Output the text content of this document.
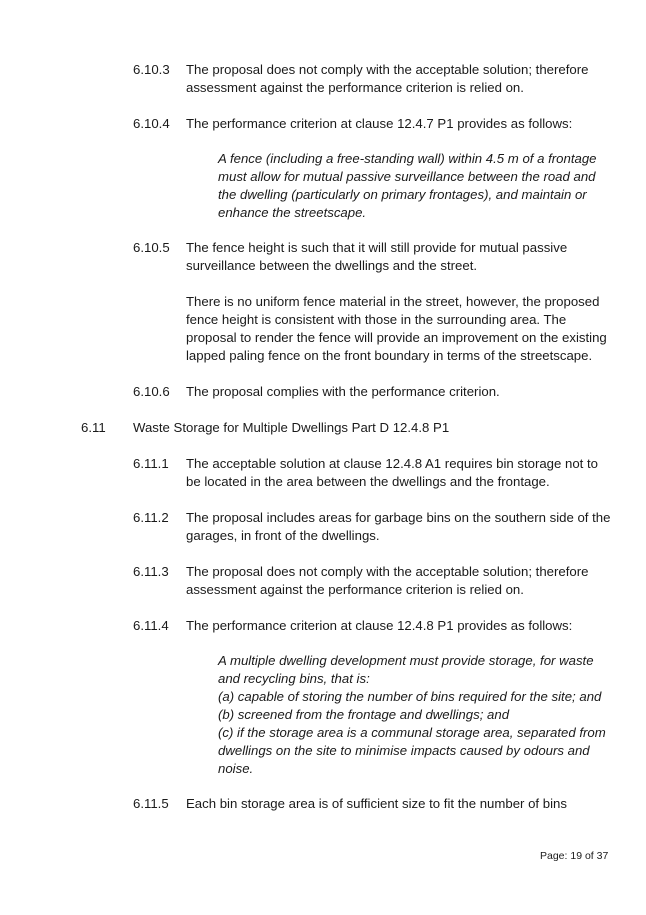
6.10.3 The proposal does not comply with the acceptable solution; therefore
assessment against the performance criterion is relied on.
6.10.4 The performance criterion at clause 12.4.7 P1 provides as follows:
A fence (including a free-standing wall) within 4.5 m of a frontage
must allow for mutual passive surveillance between the road and
the dwelling (particularly on primary frontages), and maintain or
enhance the streetscape.
6.10.5 The fence height is such that it will still provide for mutual passive
surveillance between the dwellings and the street.
There is no uniform fence material in the street, however, the proposed
fence height is consistent with those in the surrounding area. The
proposal to render the fence will provide an improvement on the existing
lapped paling fence on the front boundary in terms of the streetscape.
6.10.6 The proposal complies with the performance criterion.
6.11 Waste Storage for Multiple Dwellings Part D 12.4.8 P1
6.11.1 The acceptable solution at clause 12.4.8 A1 requires bin storage not to
be located in the area between the dwellings and the frontage.
6.11.2 The proposal includes areas for garbage bins on the southern side of the
garages, in front of the dwellings.
6.11.3 The proposal does not comply with the acceptable solution; therefore
assessment against the performance criterion is relied on.
6.11.4 The performance criterion at clause 12.4.8 P1 provides as follows:
A multiple dwelling development must provide storage, for waste
and recycling bins, that is:
(a) capable of storing the number of bins required for the site; and
(b) screened from the frontage and dwellings; and
(c) if the storage area is a communal storage area, separated from
dwellings on the site to minimise impacts caused by odours and
noise.
6.11.5 Each bin storage area is of sufficient size to fit the number of bins
Page: 19 of 37
